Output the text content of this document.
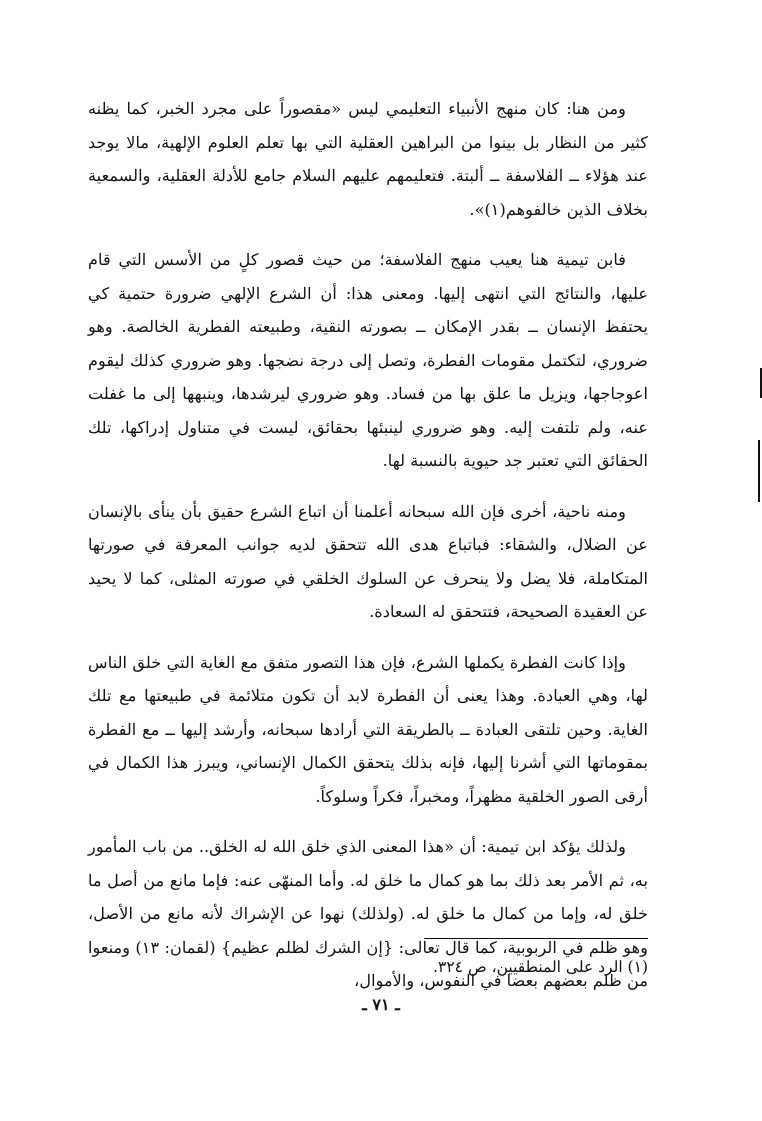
ومن هنا: كان منهج الأنبياء التعليمي ليس «مقصوراً على مجرد الخبر، كما يظنه كثير من النظار بل بينوا من البراهين العقلية التي بها تعلم العلوم الإلهية، مالا يوجد عند هؤلاء ــ الفلاسفة ــ ألبتة. فتعليمهم عليهم السلام جامع للأدلة العقلية، والسمعية بخلاف الذين خالفوهم(١)».

فابن تيمية هنا يعيب منهج الفلاسفة؛ من حيث قصور كلٍ من الأسس التي قام عليها، والنتائج التي انتهى إليها. ومعنى هذا: أن الشرع الإلهي ضرورة حتمية كي يحتفظ الإنسان ــ بقدر الإمكان ــ بصورته النقية، وطبيعته الفطرية الخالصة. وهو ضروري، لتكتمل مقومات الفطرة، وتصل إلى درجة نضجها. وهو ضروري كذلك ليقوم اعوجاجها، ويزيل ما علق بها من فساد. وهو ضروري ليرشدها، وينبهها إلى ما غفلت عنه، ولم تلتفت إليه. وهو ضروري لينبئها بحقائق، ليست في متناول إدراكها، تلك الحقائق التي تعتبر جد حيوية بالنسبة لها.

ومنه ناحية، أخرى فإن الله سبحانه أعلمنا أن اتباع الشرع حقيق بأن ينأى بالإنسان عن الضلال، والشقاء: فباتباع هدى الله تتحقق لديه جوانب المعرفة في صورتها المتكاملة، فلا يضل ولا ينحرف عن السلوك الخلقي في صورته المثلى، كما لا يحيد عن العقيدة الصحيحة، فتتحقق له السعادة.

وإذا كانت الفطرة يكملها الشرع، فإن هذا التصور متفق مع الغاية التي خلق الناس لها، وهي العبادة. وهذا يعنى أن الفطرة لابد أن تكون متلائمة في طبيعتها مع تلك الغاية. وحين تلتقى العبادة ــ بالطريقة التي أرادها سبحانه، وأرشد إليها ــ مع الفطرة بمقوماتها التي أشرنا إليها، فإنه بذلك يتحقق الكمال الإنساني، ويبرز هذا الكمال في أرقى الصور الخلقية مظهراً، ومخبراً، فكراً وسلوكاً.

ولذلك يؤكد ابن تيمية: أن «هذا المعنى الذي خلق الله له الخلق.. من باب المأمور به، ثم الأمر بعد ذلك بما هو كمال ما خلق له. وأما المنهّى عنه: فإما مانع من أصل ما خلق له، وإما من كمال ما خلق له. (ولذلك) نهوا عن الإشراك لأنه مانع من الأصل، وهو ظلم في الربوبية، كما قال تعالى: {إن الشرك لظلم عظيم} (لقمان: ١٣) ومنعوا من ظلم بعضهم بعضا في النفوس، والأموال،

(١) الرد على المنطقيين، ص ٣٢٤.
ـ ٧١ ـ
